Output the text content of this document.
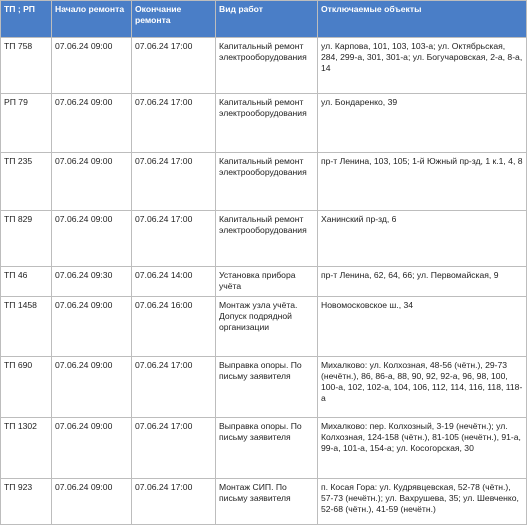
ТП ; РП	Начало ремонта	Окончание ремонта	Вид работ	Отключаемые объекты
ТП 758	07.06.24 09:00	07.06.24 17:00	Капитальный ремонт электрооборудования	ул. Карпова, 101, 103, 103-а; ул. Октябрьская, 284, 299-а, 301, 301-а; ул. Богучаровская, 2-а, 8-а, 14
РП 79	07.06.24 09:00	07.06.24 17:00	Капитальный ремонт электрооборудования	ул. Бондаренко, 39
ТП 235	07.06.24 09:00	07.06.24 17:00	Капитальный ремонт электрооборудования	пр-т Ленина, 103, 105; 1-й Южный пр-зд, 1 к.1, 4, 8
ТП 829	07.06.24 09:00	07.06.24 17:00	Капитальный ремонт электрооборудования	Ханинский пр-зд, 6
ТП 46	07.06.24 09:30	07.06.24 14:00	Установка прибора учёта	пр-т Ленина, 62, 64, 66; ул. Первомайская, 9
ТП 1458	07.06.24 09:00	07.06.24 16:00	Монтаж узла учёта. Допуск подрядной организации	Новомосковское ш., 34
ТП 690	07.06.24 09:00	07.06.24 17:00	Выправка опоры. По письму заявителя	Михалково: ул. Колхозная, 48-56 (чётн.), 29-73 (нечётн.), 86, 86-а, 88, 90, 92, 92-а, 96, 98, 100, 100-а, 102, 102-а, 104, 106, 112, 114, 116, 118, 118-а
ТП 1302	07.06.24 09:00	07.06.24 17:00	Выправка опоры. По письму заявителя	Михалково: пер. Колхозный, 3-19 (нечётн.); ул. Колхозная, 124-158 (чётн.), 81-105 (нечётн.), 91-а, 99-а, 101-а, 154-а; ул. Косогорская, 30
ТП 923	07.06.24 09:00	07.06.24 17:00	Монтаж СИП. По письму заявителя	п. Косая Гора: ул. Кудрявцевская, 52-78 (чётн.), 57-73 (нечётн.); ул. Вахрушева, 35; ул. Шевченко, 52-68 (чётн.), 41-59 (нечётн.)
